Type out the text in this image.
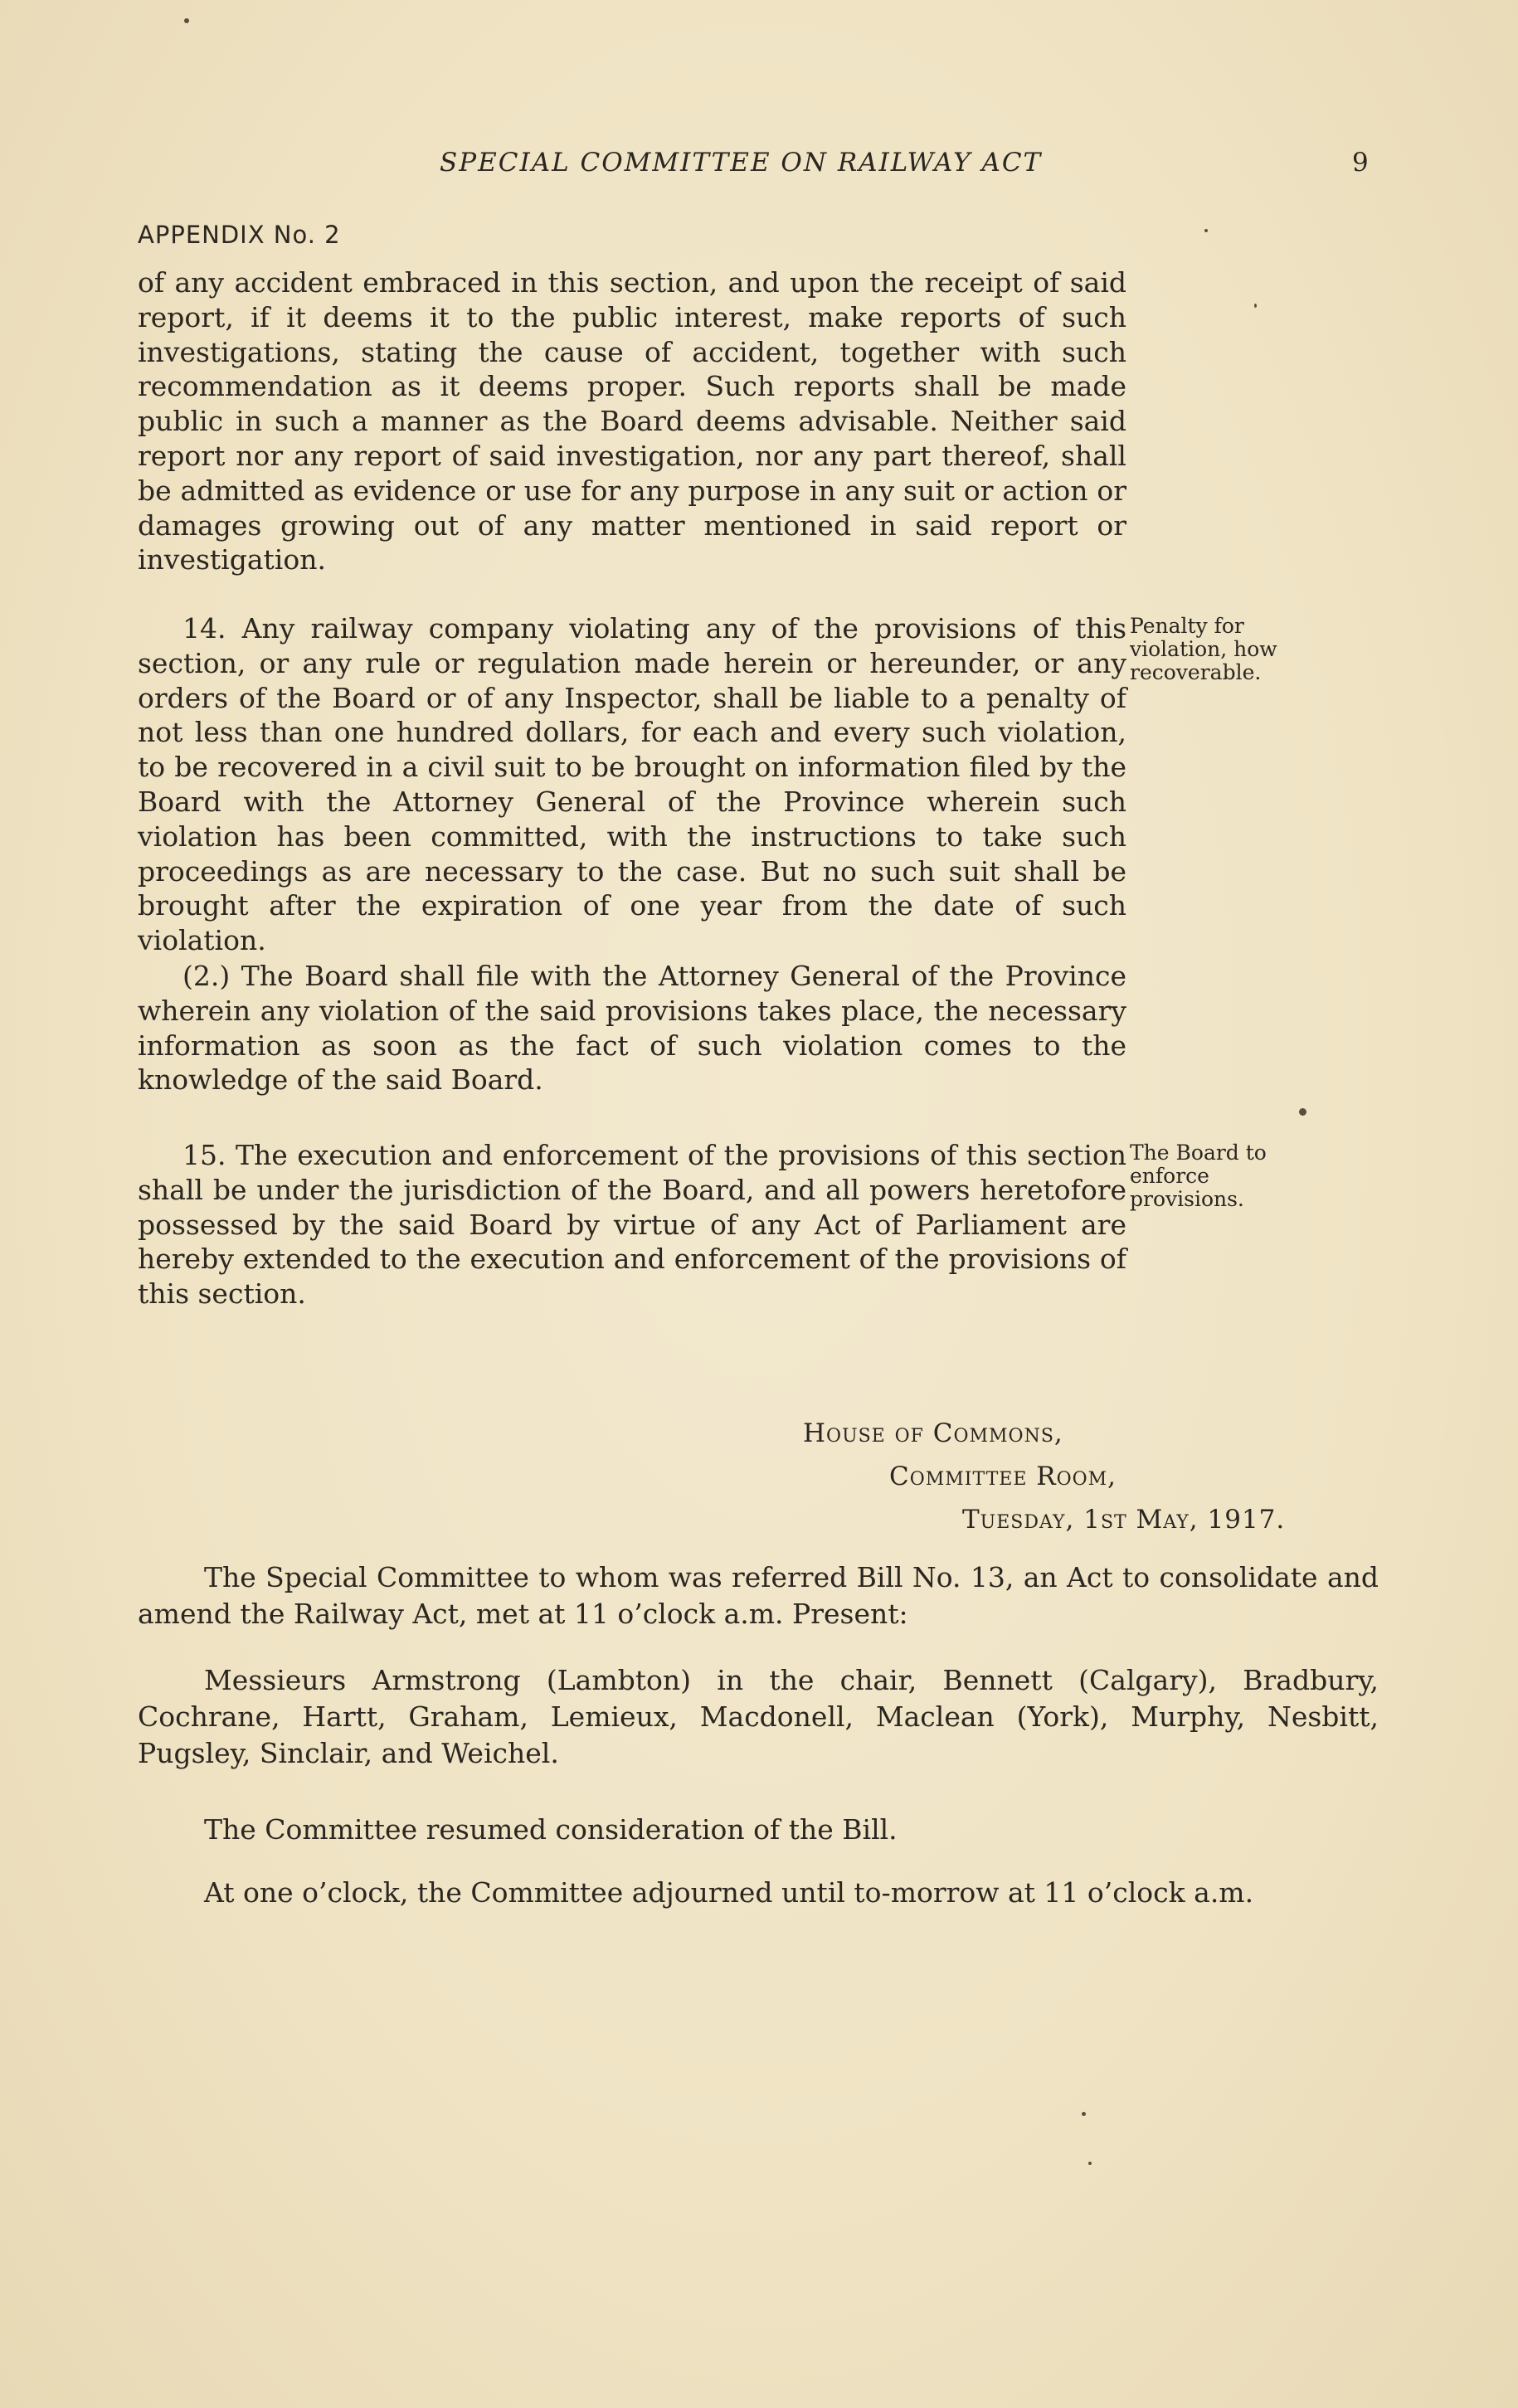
SPECIAL COMMITTEE ON RAILWAY ACT	9
APPENDIX No. 2
of any accident embraced in this section, and upon the receipt of said report, if it deems it to the public interest, make reports of such investigations, stating the cause of accident, together with such recommendation as it deems proper. Such reports shall be made public in such a manner as the Board deems advisable. Neither said report nor any report of said investigation, nor any part thereof, shall be admitted as evidence or use for any purpose in any suit or action or damages growing out of any matter mentioned in said report or investigation.
14. Any railway company violating any of the provisions of this section, or any rule or regulation made herein or hereunder, or any orders of the Board or of any Inspector, shall be liable to a penalty of not less than one hundred dollars, for each and every such violation, to be recovered in a civil suit to be brought on information filed by the Board with the Attorney General of the Province wherein such violation has been committed, with the instructions to take such proceedings as are necessary to the case. But no such suit shall be brought after the expiration of one year from the date of such violation.
Penalty for violation, how recoverable.
(2.) The Board shall file with the Attorney General of the Province wherein any violation of the said provisions takes place, the necessary information as soon as the fact of such violation comes to the knowledge of the said Board.
15. The execution and enforcement of the provisions of this section shall be under the jurisdiction of the Board, and all powers heretofore possessed by the said Board by virtue of any Act of Parliament are hereby extended to the execution and enforcement of the provisions of this section.
The Board to enforce provisions.
House of Commons,
Committee Room,
Tuesday, 1st May, 1917.
The Special Committee to whom was referred Bill No. 13, an Act to consolidate and amend the Railway Act, met at 11 o’clock a.m. Present:
Messieurs Armstrong (Lambton) in the chair, Bennett (Calgary), Bradbury, Cochrane, Hartt, Graham, Lemieux, Macdonell, Maclean (York), Murphy, Nesbitt, Pugsley, Sinclair, and Weichel.
The Committee resumed consideration of the Bill.
At one o’clock, the Committee adjourned until to-morrow at 11 o’clock a.m.
